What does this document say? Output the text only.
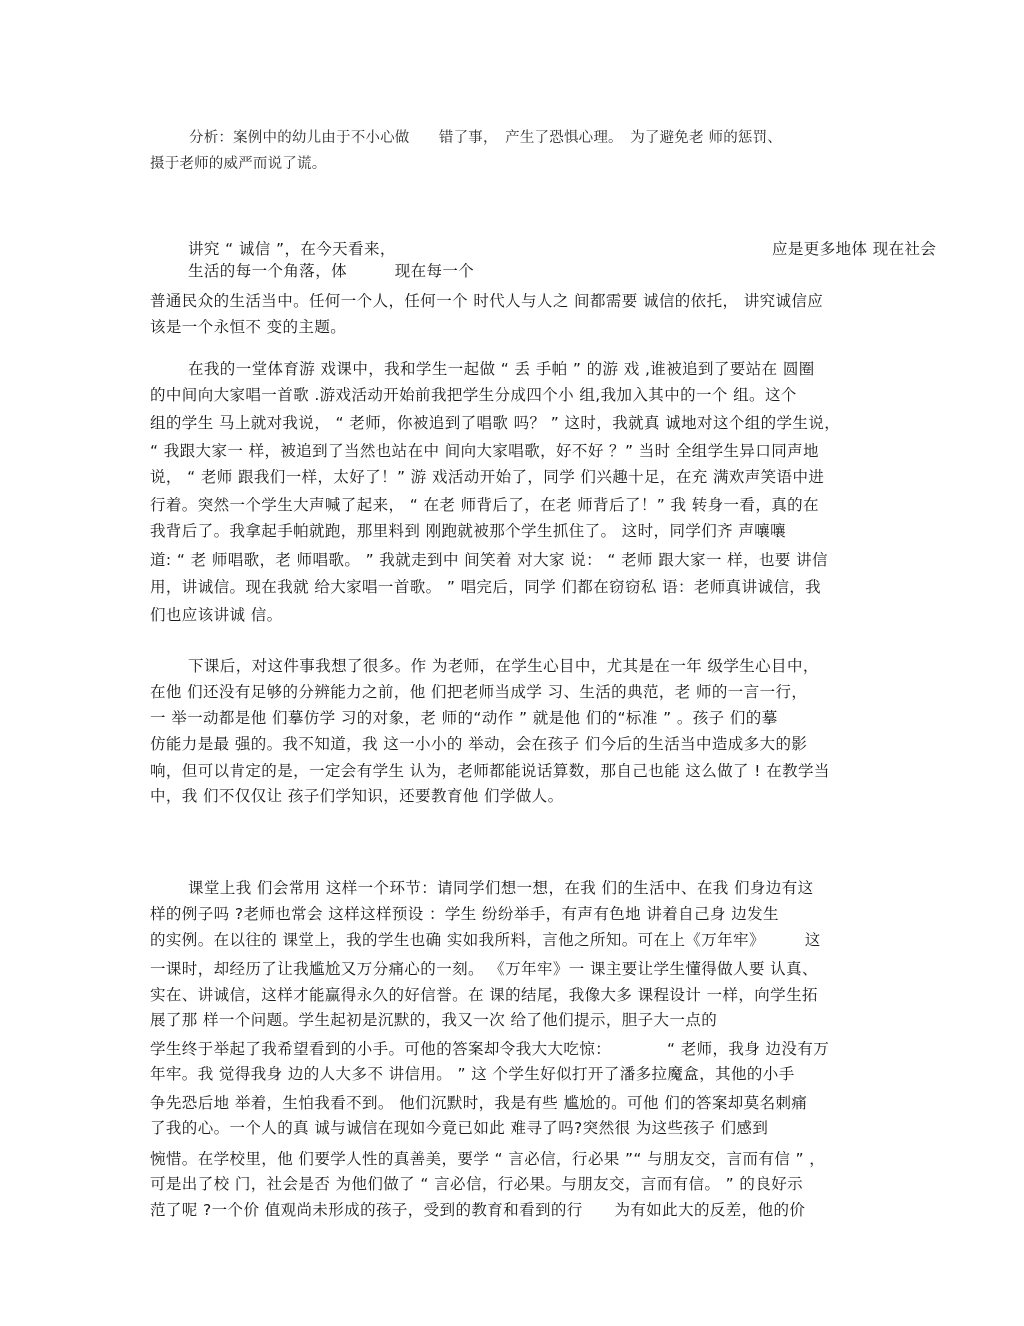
分析：案例中的幼儿由于不小心做　　错了事，　产生了恐惧心理。　为了避免老 师的惩罚、
摄于老师的威严而说了谎。
讲究 “ 诚信 ”，在今天看来，	应是更多地体 现在社会
生活的每一个角落，体　　　现在每一个
普通民众的生活当中。任何一个人，任何一个 时代人与人之 间都需要 诚信的依托， 讲究诚信应
该是一个永恒不 变的主题。
在我的一堂体育游 戏课中，我和学生一起做 “ 丢 手帕 ” 的游 戏 ,谁被追到了要站在 圆圈
的中间向大家唱一首歌 .游戏活动开始前我把学生分成四个小 组,我加入其中的一个 组。这个
组的学生 马上就对我说， “ 老师，你被追到了唱歌 吗？ ” 这时，我就真 诚地对这个组的学生说，
“ 我跟大家一 样，被追到了当然也站在中 间向大家唱歌，好不好 ？” 当时 全组学生异口同声地
说， “ 老师 跟我们一样，太好了！” 游 戏活动开始了，同学 们兴趣十足，在充 满欢声笑语中进
行着。突然一个学生大声喊了起来， “ 在老 师背后了，在老 师背后了！” 我 转身一看，真的在
我背后了。我拿起手帕就跑，那里料到 刚跑就被那个学生抓住了。 这时，同学们齐 声嚷嚷
道: “ 老 师唱歌，老 师唱歌。 ” 我就走到中 间笑着 对大家 说： “ 老师 跟大家一 样，也要 讲信
用，讲诚信。现在我就 给大家唱一首歌。 ” 唱完后，同学 们都在窃窃私 语：老师真讲诚信，我
们也应该讲诚 信。
下课后，对这件事我想了很多。作 为老师，在学生心目中，尤其是在一年 级学生心目中，
在他 们还没有足够的分辨能力之前，他 们把老师当成学 习、生活的典范，老 师的一言一行，
一 举一动都是他 们摹仿学 习的对象，老 师的“动作 ” 就是他 们的“标准 ” 。孩子 们的摹
仿能力是最 强的。我不知道，我 这一小小的 举动，会在孩子 们今后的生活当中造成多大的影
响，但可以肯定的是，一定会有学生 认为，老师都能说话算数，那自己也能 这么做了 ! 在教学当
中，我 们不仅仅让 孩子们学知识，还要教育他 们学做人。
课堂上我 们会常用 这样一个环节：请同学们想一想，在我 们的生活中、在我 们身边有这
样的例子吗 ?老师也常会 这样这样预设 ：学生 纷纷举手，有声有色地 讲着自己身 边发生
的实例。在以往的 课堂上，我的学生也确 实如我所料，言他之所知。可在上《万年牢》　　　这
一课时，却经历了让我尴尬又万分痛心的一刻。 《万年牢》一 课主要让学生懂得做人要 认真、
实在、讲诚信，这样才能赢得永久的好信誉。在 课的结尾，我像大多 课程设计 一样，向学生拓
展了那 样一个问题。学生起初是沉默的，我又一次 给了他们提示，胆子大一点的
学生终于举起了我希望看到的小手。可他的答案却令我大大吃惊：　　　　“ 老师，我身 边没有万
年牢。我 觉得我身 边的人大多不 讲信用。 ” 这 个学生好似打开了潘多拉魔盒，其他的小手
争先恐后地 举着，生怕我看不到。 他们沉默时，我是有些 尴尬的。可他 们的答案却莫名刺痛
了我的心。一个人的真 诚与诚信在现如今竟已如此 难寻了吗?突然很 为这些孩子 们感到
惋惜。在学校里，他 们要学人性的真善美，要学 “ 言必信，行必果 ”“ 与朋友交，言而有信 ” ，
可是出了校 门，社会是否 为他们做了 “ 言必信，行必果。与朋友交，言而有信。 ” 的良好示
范了呢 ?一个价 值观尚未形成的孩子，受到的教育和看到的行　　为有如此大的反差，他的价
